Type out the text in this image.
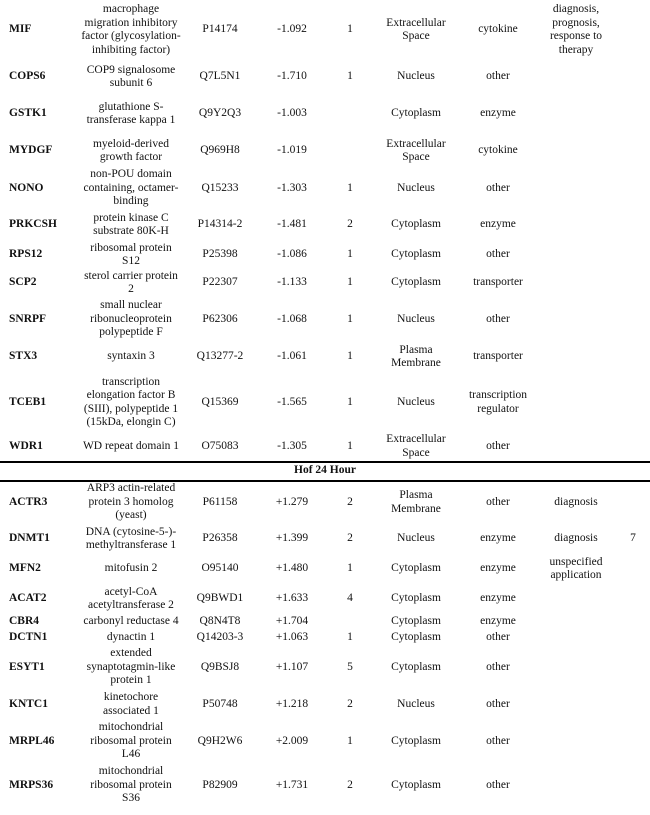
MIF	macrophage migration inhibitory factor (glycosylation-inhibiting factor)	P14174	-1.092	1	Extracellular Space	cytokine	diagnosis, prognosis, response to therapy	
COPS6	COP9 signalosome subunit 6	Q7L5N1	-1.710	1	Nucleus	other		
GSTK1	glutathione S-transferase kappa 1	Q9Y2Q3	-1.003		Cytoplasm	enzyme		
MYDGF	myeloid-derived growth factor	Q969H8	-1.019		Extracellular Space	cytokine		
NONO	non-POU domain containing, octamer-binding	Q15233	-1.303	1	Nucleus	other		
PRKCSH	protein kinase C substrate 80K-H	P14314-2	-1.481	2	Cytoplasm	enzyme		
RPS12	ribosomal protein S12	P25398	-1.086	1	Cytoplasm	other		
SCP2	sterol carrier protein 2	P22307	-1.133	1	Cytoplasm	transporter		
SNRPF	small nuclear ribonucleoprotein polypeptide F	P62306	-1.068	1	Nucleus	other		
STX3	syntaxin 3	Q13277-2	-1.061	1	Plasma Membrane	transporter		
TCEB1	transcription elongation factor B (SIII), polypeptide 1 (15kDa, elongin C)	Q15369	-1.565	1	Nucleus	transcription regulator		
WDR1	WD repeat domain 1	O75083	-1.305	1	Extracellular Space	other		
Hof 24 Hour								
ACTR3	ARP3 actin-related protein 3 homolog (yeast)	P61158	+1.279	2	Plasma Membrane	other	diagnosis	
DNMT1	DNA (cytosine-5-)-methyltransferase 1	P26358	+1.399	2	Nucleus	enzyme	diagnosis	7
MFN2	mitofusin 2	O95140	+1.480	1	Cytoplasm	enzyme	unspecified application	
ACAT2	acetyl-CoA acetyltransferase 2	Q9BWD1	+1.633	4	Cytoplasm	enzyme		
CBR4	carbonyl reductase 4	Q8N4T8	+1.704		Cytoplasm	enzyme		
DCTN1	dynactin 1	Q14203-3	+1.063	1	Cytoplasm	other		
ESYT1	extended synaptotagmin-like protein 1	Q9BSJ8	+1.107	5	Cytoplasm	other		
KNTC1	kinetochore associated 1	P50748	+1.218	2	Nucleus	other		
MRPL46	mitochondrial ribosomal protein L46	Q9H2W6	+2.009	1	Cytoplasm	other		
MRPS36	mitochondrial ribosomal protein S36	P82909	+1.731	2	Cytoplasm	other		
